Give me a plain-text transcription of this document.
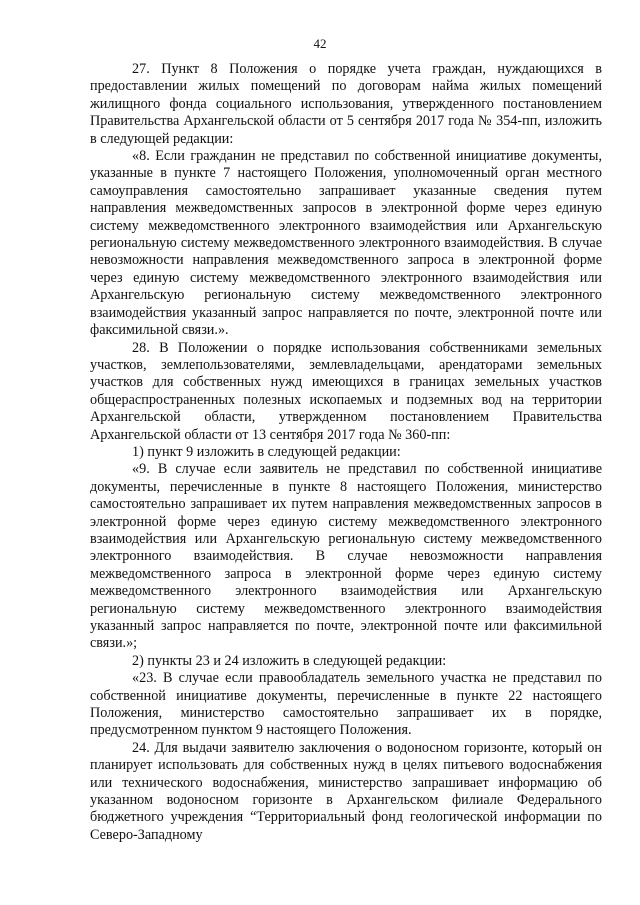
42

27. Пункт 8 Положения о порядке учета граждан, нуждающихся в предоставлении жилых помещений по договорам найма жилых помещений жилищного фонда социального использования, утвержденного постановлением Правительства Архангельской области от 5 сентября 2017 года № 354-пп, изложить в следующей редакции:

«8. Если гражданин не представил по собственной инициативе документы, указанные в пункте 7 настоящего Положения, уполномоченный орган местного самоуправления самостоятельно запрашивает указанные сведения путем направления межведомственных запросов в электронной форме через единую систему межведомственного электронного взаимодействия или Архангельскую региональную систему межведомственного электронного взаимодействия. В случае невозможности направления межведомственного запроса в электронной форме через единую систему межведомственного электронного взаимодействия или Архангельскую региональную систему межведомственного электронного взаимодействия указанный запрос направляется по почте, электронной почте или факсимильной связи.».

28. В Положении о порядке использования собственниками земельных участков, землепользователями, землевладельцами, арендаторами земельных участков для собственных нужд имеющихся в границах земельных участков общераспространенных полезных ископаемых и подземных вод на территории Архангельской области, утвержденном постановлением Правительства Архангельской области от 13 сентября 2017 года № 360-пп:

1) пункт 9 изложить в следующей редакции:

«9. В случае если заявитель не представил по собственной инициативе документы, перечисленные в пункте 8 настоящего Положения, министерство самостоятельно запрашивает их путем направления межведомственных запросов в электронной форме через единую систему межведомственного электронного взаимодействия или Архангельскую региональную систему межведомственного электронного взаимодействия. В случае невозможности направления межведомственного запроса в электронной форме через единую систему межведомственного электронного взаимодействия или Архангельскую региональную систему межведомственного электронного взаимодействия указанный запрос направляется по почте, электронной почте или факсимильной связи.»;

2) пункты 23 и 24 изложить в следующей редакции:

«23. В случае если правообладатель земельного участка не представил по собственной инициативе документы, перечисленные в пункте 22 настоящего Положения, министерство самостоятельно запрашивает их в порядке, предусмотренном пунктом 9 настоящего Положения.

24. Для выдачи заявителю заключения о водоносном горизонте, который он планирует использовать для собственных нужд в целях питьевого водоснабжения или технического водоснабжения, министерство запрашивает информацию об указанном водоносном горизонте в Архангельском филиале Федерального бюджетного учреждения “Территориальный фонд геологической информации по Северо-Западному
